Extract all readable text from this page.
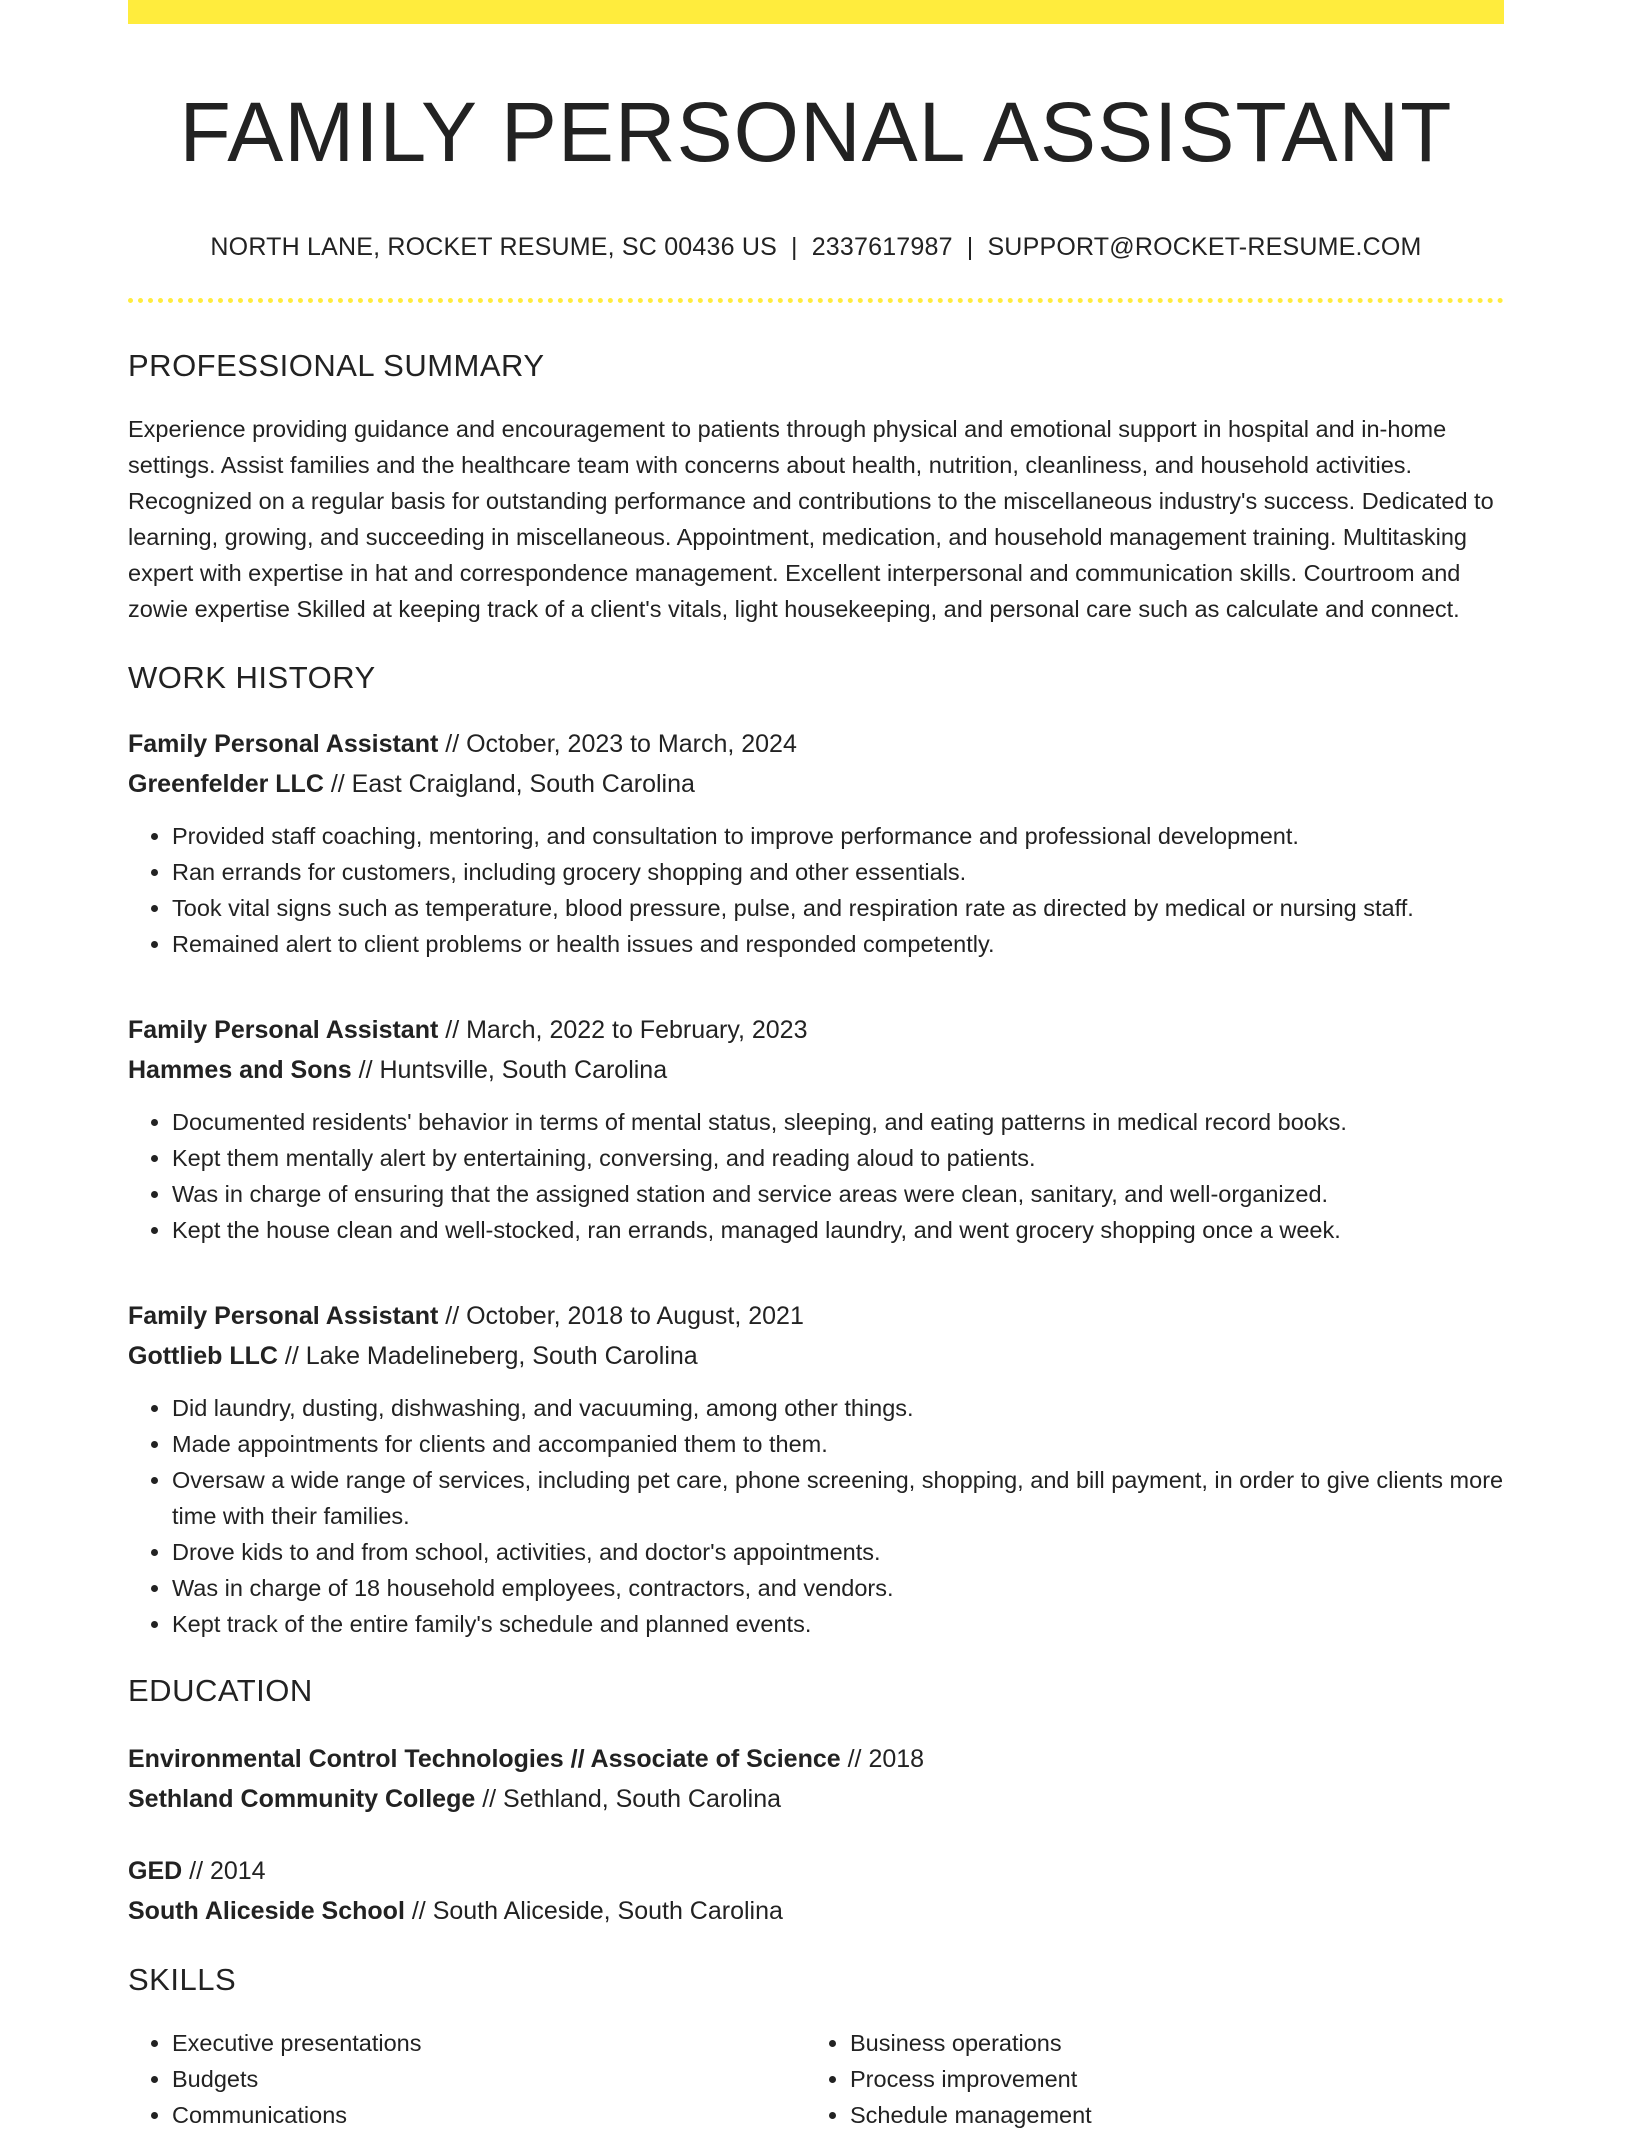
FAMILY PERSONAL ASSISTANT
NORTH LANE, ROCKET RESUME, SC 00436 US | 2337617987 | SUPPORT@ROCKET-RESUME.COM
PROFESSIONAL SUMMARY
Experience providing guidance and encouragement to patients through physical and emotional support in hospital and in-home settings. Assist families and the healthcare team with concerns about health, nutrition, cleanliness, and household activities. Recognized on a regular basis for outstanding performance and contributions to the miscellaneous industry's success. Dedicated to learning, growing, and succeeding in miscellaneous. Appointment, medication, and household management training. Multitasking expert with expertise in hat and correspondence management. Excellent interpersonal and communication skills. Courtroom and zowie expertise Skilled at keeping track of a client's vitals, light housekeeping, and personal care such as calculate and connect.
WORK HISTORY
Family Personal Assistant // October, 2023 to March, 2024
Greenfelder LLC // East Craigland, South Carolina
• Provided staff coaching, mentoring, and consultation to improve performance and professional development.
• Ran errands for customers, including grocery shopping and other essentials.
• Took vital signs such as temperature, blood pressure, pulse, and respiration rate as directed by medical or nursing staff.
• Remained alert to client problems or health issues and responded competently.
Family Personal Assistant // March, 2022 to February, 2023
Hammes and Sons // Huntsville, South Carolina
• Documented residents' behavior in terms of mental status, sleeping, and eating patterns in medical record books.
• Kept them mentally alert by entertaining, conversing, and reading aloud to patients.
• Was in charge of ensuring that the assigned station and service areas were clean, sanitary, and well-organized.
• Kept the house clean and well-stocked, ran errands, managed laundry, and went grocery shopping once a week.
Family Personal Assistant // October, 2018 to August, 2021
Gottlieb LLC // Lake Madelineberg, South Carolina
• Did laundry, dusting, dishwashing, and vacuuming, among other things.
• Made appointments for clients and accompanied them to them.
• Oversaw a wide range of services, including pet care, phone screening, shopping, and bill payment, in order to give clients more time with their families.
• Drove kids to and from school, activities, and doctor's appointments.
• Was in charge of 18 household employees, contractors, and vendors.
• Kept track of the entire family's schedule and planned events.
EDUCATION
Environmental Control Technologies // Associate of Science // 2018
Sethland Community College // Sethland, South Carolina
GED // 2014
South Aliceside School // South Aliceside, South Carolina
SKILLS
• Executive presentations
• Budgets
• Communications
• Business operations
• Process improvement
• Schedule management
